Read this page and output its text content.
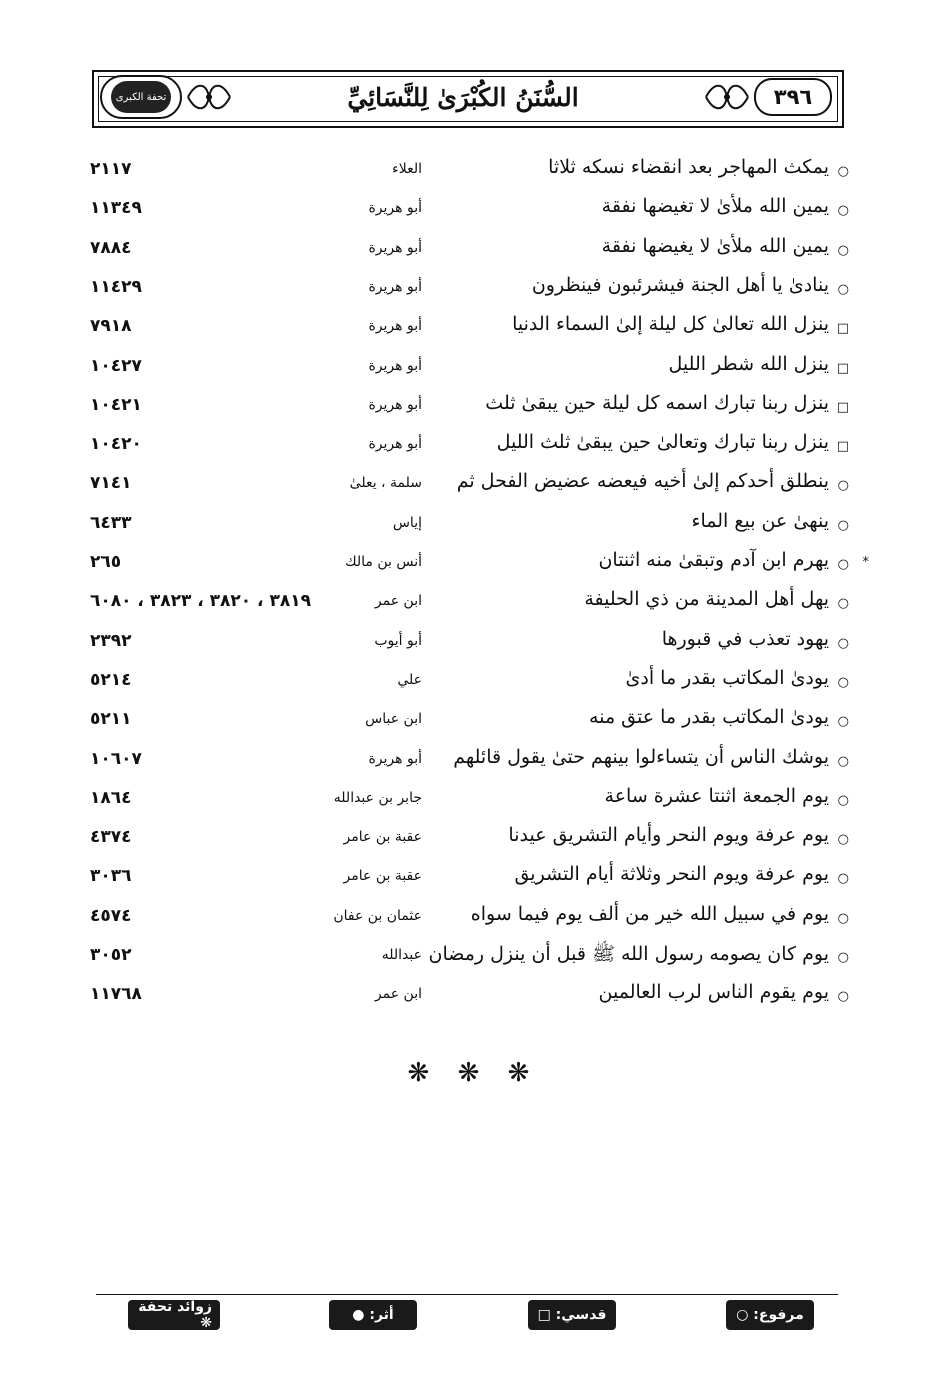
٣٩٦
السُّنَنُ الكُبْرَىٰ لِلنَّسَائِيِّ
تحفة الكبرى
○
يمكث المهاجر بعد انقضاء نسكه ثلاثا
العلاء
٢١١٧
○
يمين الله ملأىٰ لا تغيضها نفقة
أبو هريرة
١١٣٤٩
○
يمين الله ملأىٰ لا يغيضها نفقة
أبو هريرة
٧٨٨٤
○
ينادىٰ يا أهل الجنة فيشرئبون فينظرون
أبو هريرة
١١٤٢٩
□
ينزل الله تعالىٰ كل ليلة إلىٰ السماء الدنيا
أبو هريرة
٧٩١٨
□
ينزل الله شطر الليل
أبو هريرة
١٠٤٢٧
□
ينزل ربنا تبارك اسمه كل ليلة حين يبقىٰ ثلث
أبو هريرة
١٠٤٢١
□
ينزل ربنا تبارك وتعالىٰ حين يبقىٰ ثلث الليل
أبو هريرة
١٠٤٢٠
○
ينطلق أحدكم إلىٰ أخيه فيعضه عضيض الفحل ثم
سلمة ، يعلىٰ
٧١٤١
○
ينهىٰ عن بيع الماء
إياس
٦٤٣٣
*
○
يهرم ابن آدم وتبقىٰ منه اثنتان
أنس بن مالك
٢٦٥
○
يهل أهل المدينة من ذي الحليفة
ابن عمر
٣٨١٩ ، ٣٨٢٠ ، ٣٨٢٣ ، ٦٠٨٠
○
يهود تعذب في قبورها
أبو أيوب
٢٣٩٢
○
يودىٰ المكاتب بقدر ما أدىٰ
علي
٥٢١٤
○
يودىٰ المكاتب بقدر ما عتق منه
ابن عباس
٥٢١١
○
يوشك الناس أن يتساءلوا بينهم حتىٰ يقول قائلهم
أبو هريرة
١٠٦٠٧
○
يوم الجمعة اثنتا عشرة ساعة
جابر بن عبدالله
١٨٦٤
○
يوم عرفة ويوم النحر وأيام التشريق عيدنا
عقبة بن عامر
٤٣٧٤
○
يوم عرفة ويوم النحر وثلاثة أيام التشريق
عقبة بن عامر
٣٠٣٦
○
يوم في سبيل الله خير من ألف يوم فيما سواه
عثمان بن عفان
٤٥٧٤
○
يوم كان يصومه رسول الله ﷺ قبل أن ينزل رمضان
عبدالله
٣٠٥٢
○
يوم يقوم الناس لرب العالمين
ابن عمر
١١٧٦٨
❋ ❋ ❋
مرفوع: ○
قدسي: □
أثر: ●
زوائد تحفة ❋
